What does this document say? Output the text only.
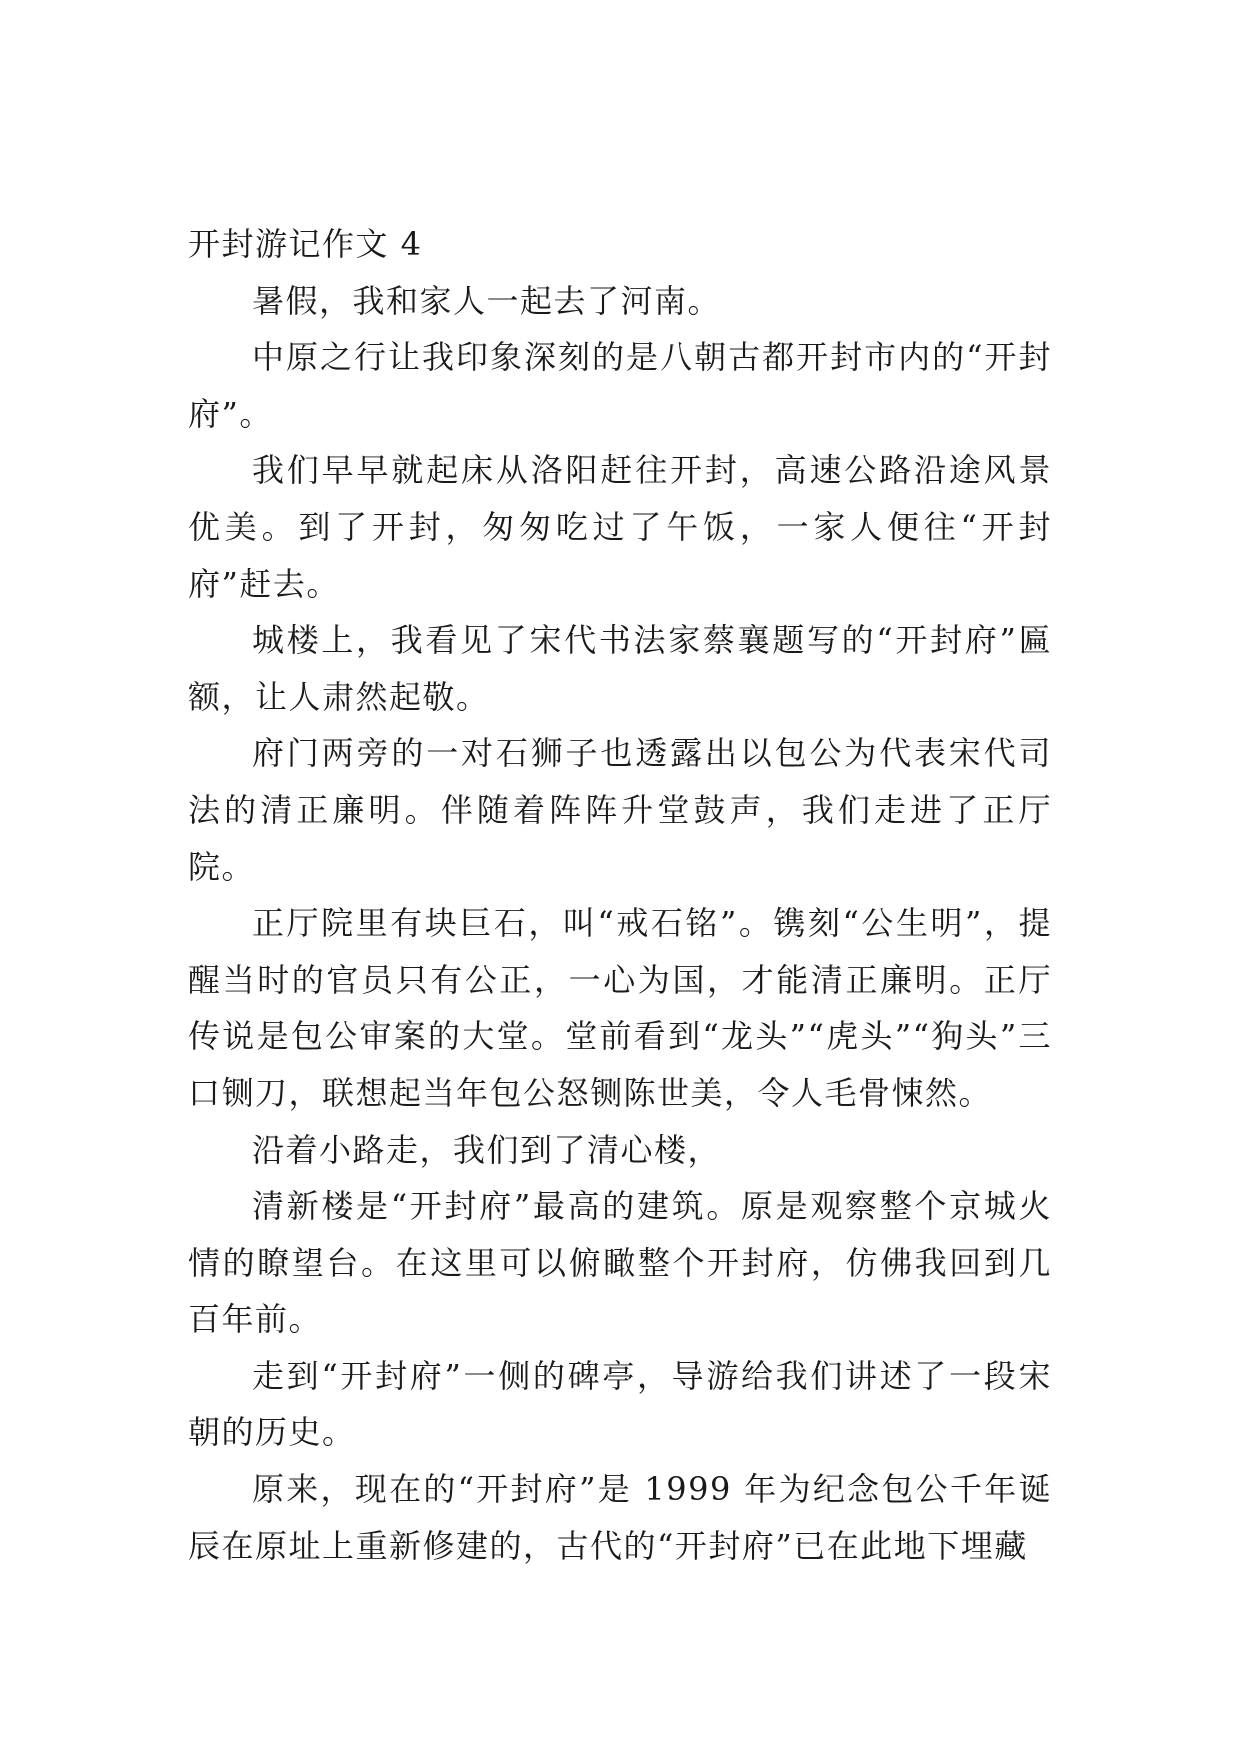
开封游记作文 4

暑假，我和家人一起去了河南。

中原之行让我印象深刻的是八朝古都开封市内的“开封府”。

我们早早就起床从洛阳赶往开封，高速公路沿途风景优美。到了开封，匆匆吃过了午饭，一家人便往“开封府”赶去。

城楼上，我看见了宋代书法家蔡襄题写的“开封府”匾额，让人肃然起敬。

府门两旁的一对石狮子也透露出以包公为代表宋代司法的清正廉明。伴随着阵阵升堂鼓声，我们走进了正厅院。

正厅院里有块巨石，叫“戒石铭”。镌刻“公生明”，提醒当时的官员只有公正，一心为国，才能清正廉明。正厅传说是包公审案的大堂。堂前看到“龙头”“虎头”“狗头”三口铡刀，联想起当年包公怒铡陈世美，令人毛骨悚然。

沿着小路走，我们到了清心楼，

清新楼是“开封府”最高的建筑。原是观察整个京城火情的瞭望台。在这里可以俯瞰整个开封府，仿佛我回到几百年前。

走到“开封府”一侧的碑亭，导游给我们讲述了一段宋朝的历史。

原来，现在的“开封府”是 1999 年为纪念包公千年诞辰在原址上重新修建的，古代的“开封府”已在此地下埋藏
